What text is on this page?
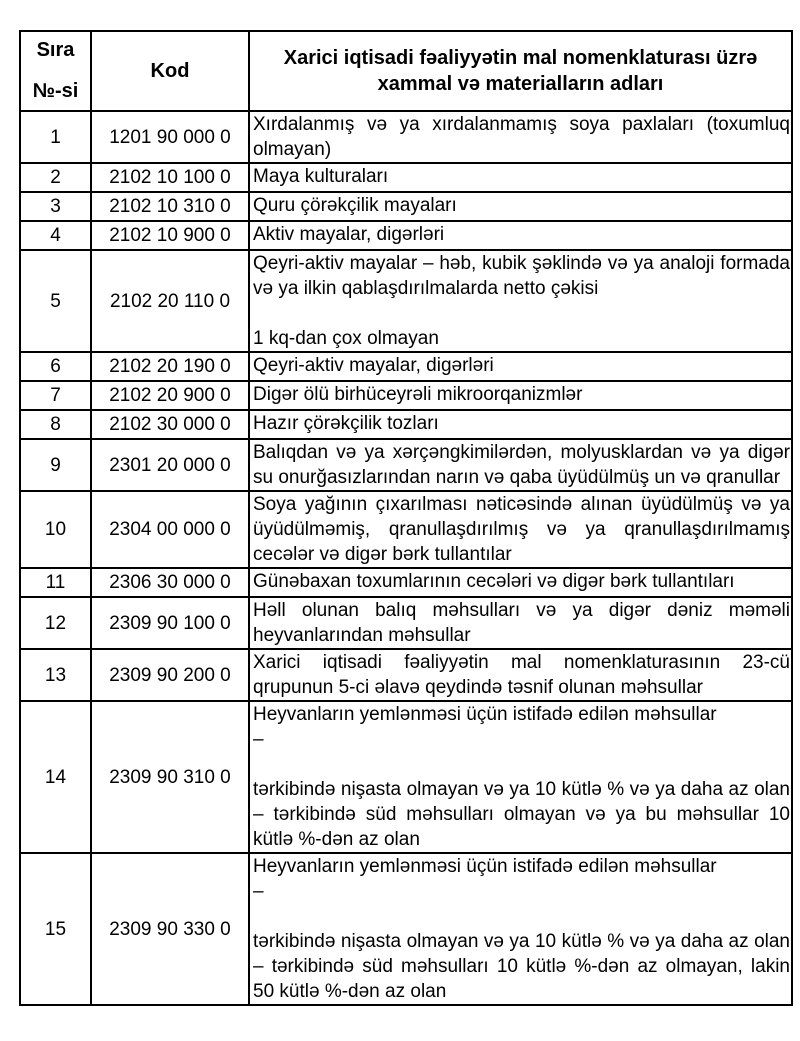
Sıra
№-si	Kod	Xarici iqtisadi fəaliyyətin mal nomenklaturası üzrə xammal və materialların adları
1	1201 90 000 0	Xırdalanmış və ya xırdalanmamış soya paxlaları (toxumluq olmayan)

2	2102 10 100 0	Maya kulturaları

3	2102 10 310 0	Quru çörəkçilik mayaları

4	2102 10 900 0	Aktiv mayalar, digərləri

5	2102 20 110 0	Qeyri-aktiv mayalar – həb, kubik şəklində və ya analoji formada və ya ilkin qablaşdırılmalarda netto çəkisi
1 kq-dan çox olmayan

6	2102 20 190 0	Qeyri-aktiv mayalar, digərləri

7	2102 20 900 0	Digər ölü birhüceyrəli mikroorqanizmlər

8	2102 30 000 0	Hazır çörəkçilik tozları

9	2301 20 000 0	Balıqdan və ya xərçəngkimilərdən, molyusklardan və ya digər su onurğasızlarından narın və qaba üyüdülmüş un və qranullar

10	2304 00 000 0	Soya yağının çıxarılması nəticəsində alınan üyüdülmüş və ya üyüdülməmiş, qranullaşdırılmış və ya qranullaşdırılmamış cecələr və digər bərk tullantılar

11	2306 30 000 0	Günəbaxan toxumlarının cecələri və digər bərk tullantıları

12	2309 90 100 0	Həll olunan balıq məhsulları və ya digər dəniz məməli heyvanlarından məhsullar

13	2309 90 200 0	Xarici iqtisadi fəaliyyətin mal nomenklaturasının 23-cü qrupunun 5-ci əlavə qeydində təsnif olunan məhsullar

14	2309 90 310 0	Heyvanların yemlənməsi üçün istifadə edilən məhsullar
–
tərkibində nişasta olmayan və ya 10 kütlə % və ya daha az olan – tərkibində süd məhsulları olmayan və ya bu məhsullar 10 kütlə %-dən az olan

15	2309 90 330 0	Heyvanların yemlənməsi üçün istifadə edilən məhsullar
–
tərkibində nişasta olmayan və ya 10 kütlə % və ya daha az olan – tərkibində süd məhsulları 10 kütlə %-dən az olmayan, lakin 50 kütlə %-dən az olan
